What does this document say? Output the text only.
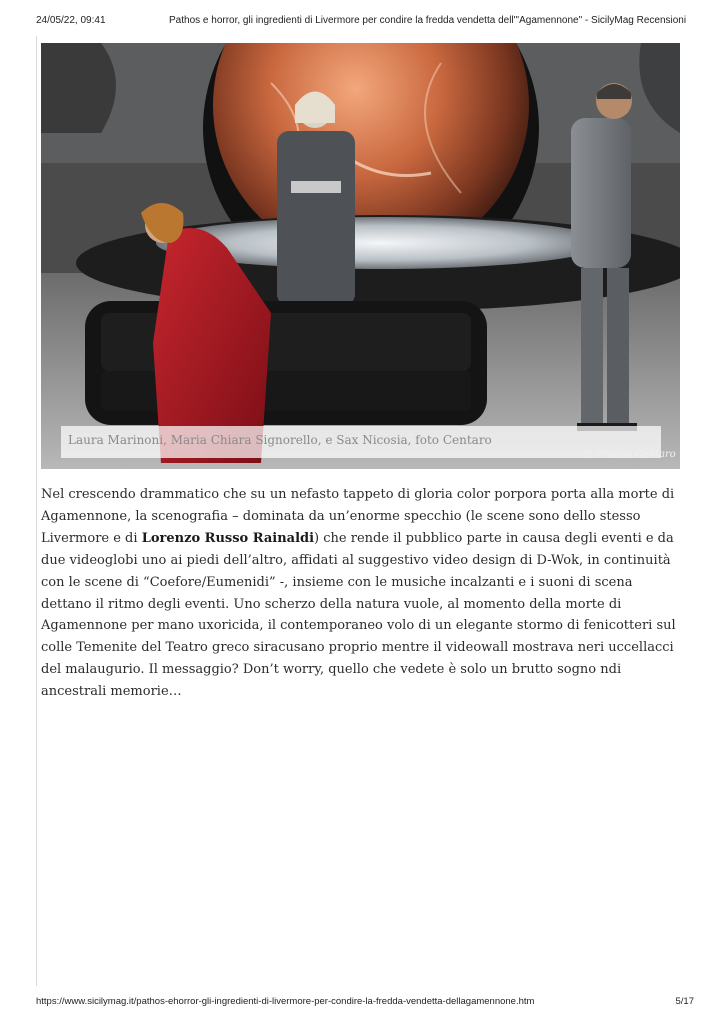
24/05/22, 09:41	Pathos e horror, gli ingredienti di Livermore per condire la fredda vendetta dell'"Agamennone" - SicilyMag Recensioni
Laura Marinoni, Maria Chiara Signorello, e Sax Nicosia, foto Centaro
© Franca Centaro

Nel crescendo drammatico che su un nefasto tappeto di gloria color porpora porta alla morte di Agamennone, la scenografia – dominata da un’enorme specchio (le scene sono dello stesso Livermore e di Lorenzo Russo Rainaldi) che rende il pubblico parte in causa degli eventi e da due videoglobi uno ai piedi dell’altro, affidati al suggestivo video design di D-Wok, in continuità con le scene di “Coefore/Eumenidi” -, insieme con le musiche incalzanti e i suoni di scena dettano il ritmo degli eventi. Uno scherzo della natura vuole, al momento della morte di Agamennone per mano uxoricida, il contemporaneo volo di un elegante stormo di fenicotteri sul colle Temenite del Teatro greco siracusano proprio mentre il videowall mostrava neri uccellacci del malaugurio. Il messaggio? Don’t worry, quello che vedete è solo un brutto sogno ndi ancestrali memorie…

https://www.sicilymag.it/pathos-ehorror-gli-ingredienti-di-livermore-per-condire-la-fredda-vendetta-dellagamennone.htm	5/17
